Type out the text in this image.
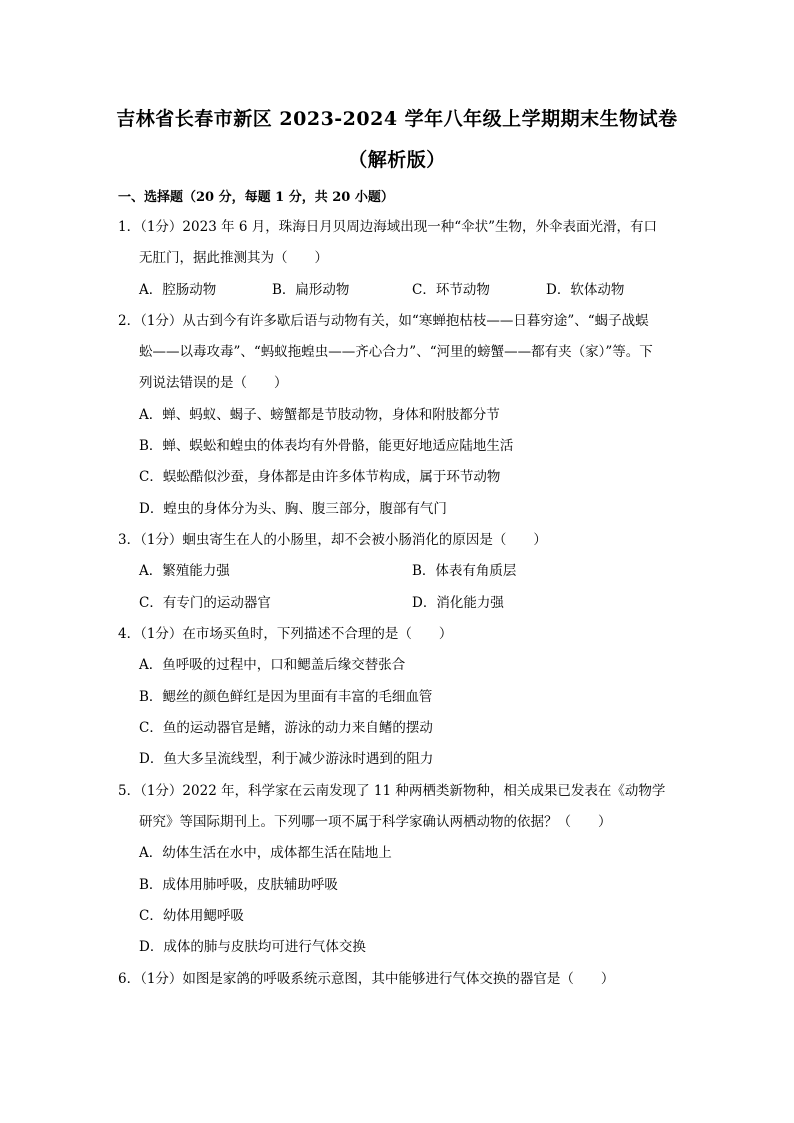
吉林省长春市新区 2023-2024 学年八年级上学期期末生物试卷
（解析版）
一、选择题（20 分，每题 1 分，共 20 小题）
1．（1分）2023 年 6 月，珠海日月贝周边海域出现一种“伞状”生物，外伞表面光滑，有口
无肛门，据此推测其为（　　）
A．腔肠动物	B．扁形动物	C．环节动物	D．软体动物
2．（1分）从古到今有许多歇后语与动物有关，如“寒蝉抱枯枝——日暮穷途”、“蝎子战蜈
蚣——以毒攻毒”、“蚂蚁拖蝗虫——齐心合力”、“河里的螃蟹——都有夹（家）”等。下
列说法错误的是（　　）
A．蝉、蚂蚁、蝎子、螃蟹都是节肢动物，身体和附肢都分节
B．蝉、蜈蚣和蝗虫的体表均有外骨骼，能更好地适应陆地生活
C．蜈蚣酷似沙蚕，身体都是由许多体节构成，属于环节动物
D．蝗虫的身体分为头、胸、腹三部分，腹部有气门
3．（1分）蛔虫寄生在人的小肠里，却不会被小肠消化的原因是（　　）
A．繁殖能力强	B．体表有角质层
C．有专门的运动器官	D．消化能力强
4．（1分）在市场买鱼时，下列描述不合理的是（　　）
A．鱼呼吸的过程中，口和鳃盖后缘交替张合
B．鳃丝的颜色鲜红是因为里面有丰富的毛细血管
C．鱼的运动器官是鳍，游泳的动力来自鳍的摆动
D．鱼大多呈流线型，利于减少游泳时遇到的阻力
5．（1分）2022 年，科学家在云南发现了 11 种两栖类新物种，相关成果已发表在《动物学
研究》等国际期刊上。下列哪一项不属于科学家确认两栖动物的依据？（　　）
A．幼体生活在水中，成体都生活在陆地上
B．成体用肺呼吸，皮肤辅助呼吸
C．幼体用鳃呼吸
D．成体的肺与皮肤均可进行气体交换
6．（1分）如图是家鸽的呼吸系统示意图，其中能够进行气体交换的器官是（　　）
